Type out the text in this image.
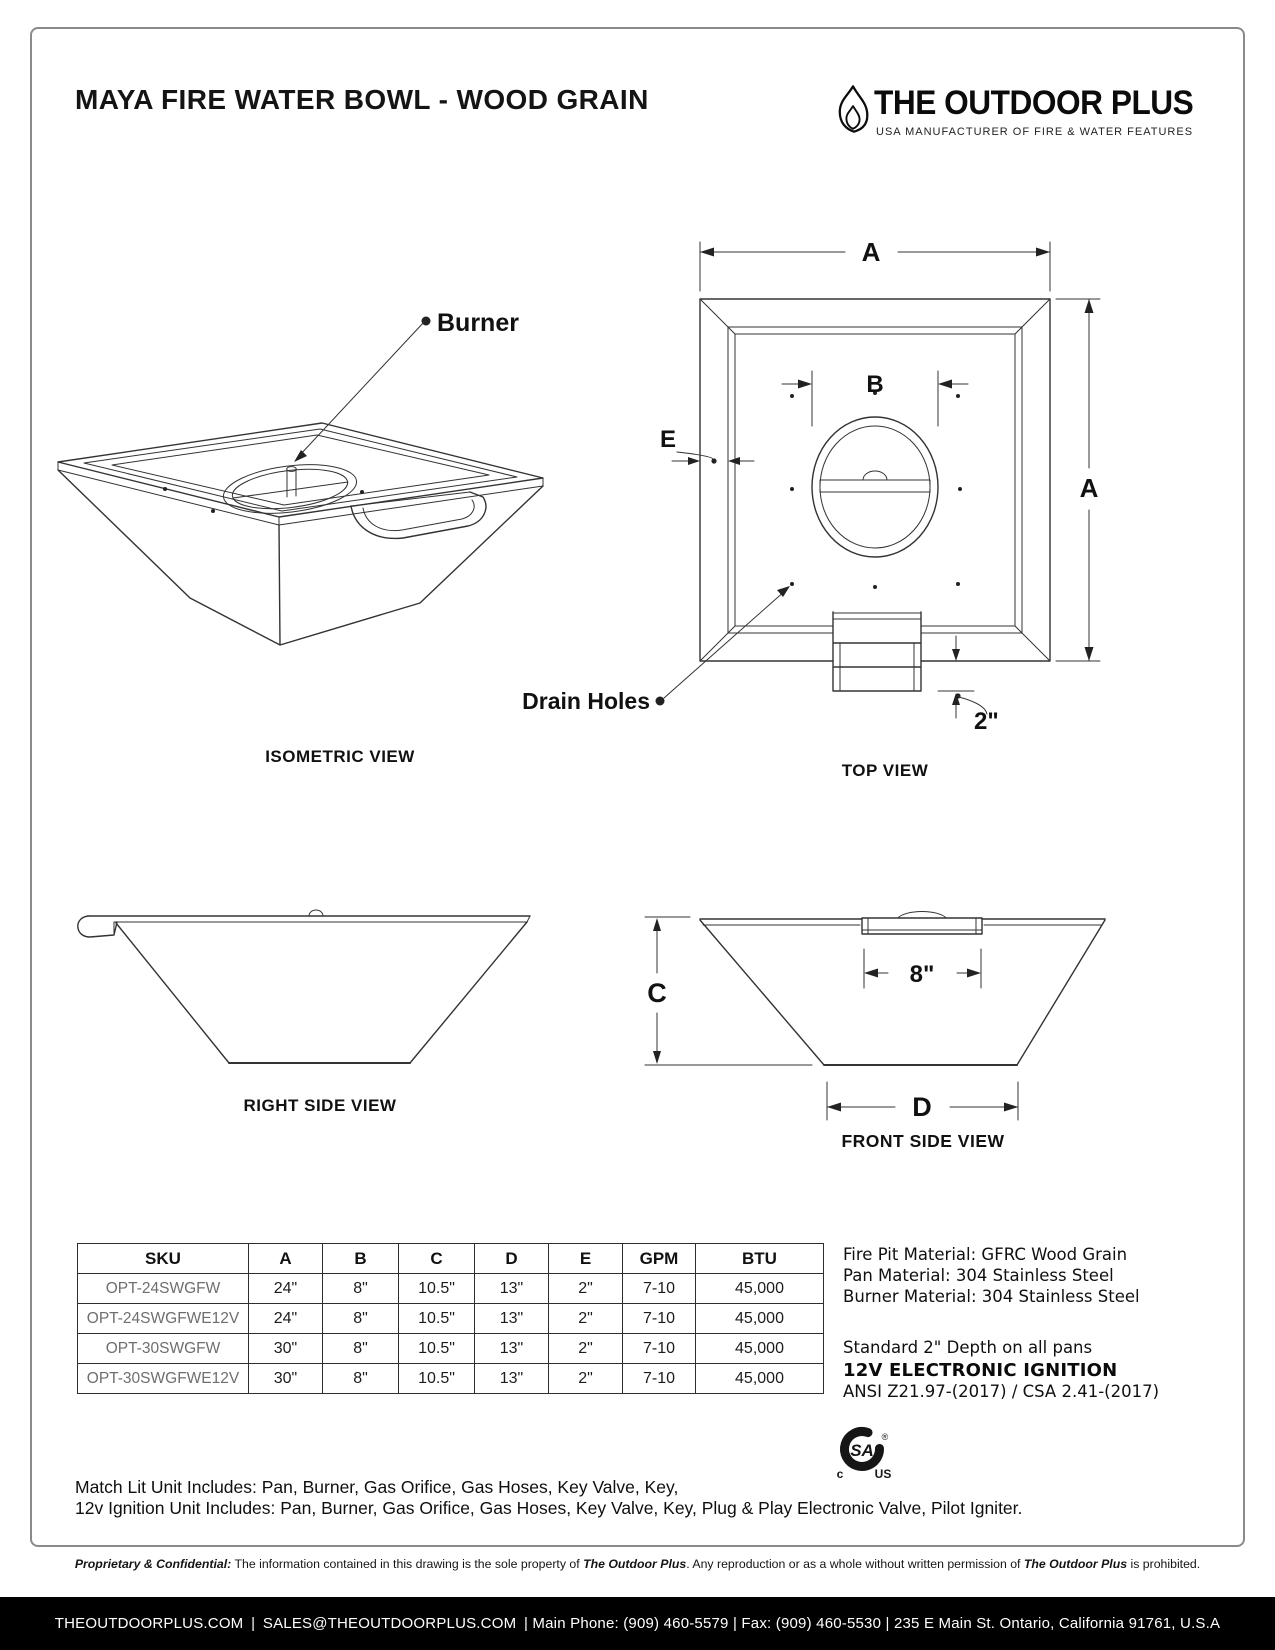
MAYA FIRE WATER BOWL - WOOD GRAIN	THE OUTDOOR PLUS
USA MANUFACTURER OF FIRE & WATER FEATURES
Burner
ISOMETRIC VIEW
A
A
B
E
2"
Drain Holes
TOP VIEW
RIGHT SIDE VIEW
C
8"
D
FRONT SIDE VIEW
SKU	A	B	C	D	E	GPM	BTU
OPT-24SWGFW	24"	8"	10.5"	13"	2"	7-10	45,000
OPT-24SWGFWE12V	24"	8"	10.5"	13"	2"	7-10	45,000
OPT-30SWGFW	30"	8"	10.5"	13"	2"	7-10	45,000
OPT-30SWGFWE12V	30"	8"	10.5"	13"	2"	7-10	45,000
Fire Pit Material: GFRC Wood Grain
Pan Material: 304 Stainless Steel
Burner Material: 304 Stainless Steel
Standard 2" Depth on all pans
12V ELECTRONIC IGNITION
ANSI Z21.97-(2017) / CSA 2.41-(2017)
SA
®
c	US
Match Lit Unit Includes: Pan, Burner, Gas Orifice, Gas Hoses, Key Valve, Key,
12v Ignition Unit Includes: Pan, Burner, Gas Orifice, Gas Hoses, Key Valve, Key, Plug & Play Electronic Valve, Pilot Igniter.
Proprietary & Confidential: The information contained in this drawing is the sole property of The Outdoor Plus. Any reproduction or as a whole without written permission of The Outdoor Plus is prohibited.
THEOUTDOORPLUS.COM | SALES@THEOUTDOORPLUS.COM | Main Phone: (909) 460-5579 | Fax: (909) 460-5530 | 235 E Main St. Ontario, California 91761, U.S.A
